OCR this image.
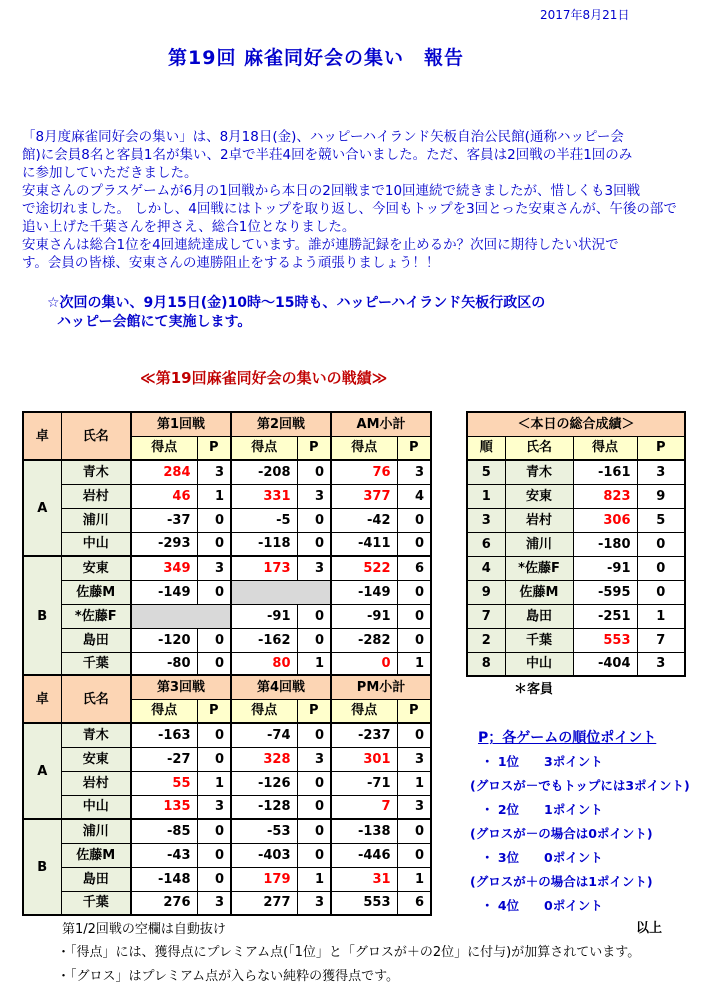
2017年8月21日
第19回 麻雀同好会の集い　報告
「8月度麻雀同好会の集い」は、8月18日(金)、ハッピーハイランド矢板自治公民館(通称ハッピー会
館)に会員8名と客員1名が集い、2卓で半荘4回を競い合いました。ただ、客員は2回戦の半荘1回のみ
に参加していただきました。
安東さんのプラスゲームが6月の1回戦から本日の2回戦まで10回連続で続きましたが、惜しくも3回戦
で途切れました。 しかし、4回戦にはトップを取り返し、今回もトップを3回とった安東さんが、午後の部で
追い上げた千葉さんを押さえ、総合1位となりました。
安東さんは総合1位を4回連続達成しています。誰が連勝記録を止めるか？次回に期待したい状況で
す。会員の皆様、安東さんの連勝阻止をするよう頑張りましょう！！
☆次回の集い、9月15日(金)10時～15時も、ハッピーハイランド矢板行政区の
ハッピー会館にて実施します。
≪第19回麻雀同好会の集いの戦績≫
卓	氏名	第1回戦		第2回戦		AM小計	
		得点	P	得点	P	得点	P
A	青木	284	3	-208	0	76	3
	岩村	46	1	331	3	377	4
	浦川	-37	0	-5	0	-42	0
	中山	-293	0	-118	0	-411	0
B	安東	349	3	173	3	522	6
	佐藤M	-149	0			-149	0
	*佐藤F			-91	0	-91	0
	島田	-120	0	-162	0	-282	0
	千葉	-80	0	80	1	0	1
卓	氏名	第3回戦		第4回戦		PM小計	
		得点	P	得点	P	得点	P
A	青木	-163	0	-74	0	-237	0
	安東	-27	0	328	3	301	3
	岩村	55	1	-126	0	-71	1
	中山	135	3	-128	0	7	3
B	浦川	-85	0	-53	0	-138	0
	佐藤M	-43	0	-403	0	-446	0
	島田	-148	0	179	1	31	1
	千葉	276	3	277	3	553	6
＜本日の総合成績＞			
順	氏名	得点	P
5	青木	-161	3
1	安東	823	9
3	岩村	306	5
6	浦川	-180	0
4	*佐藤F	-91	0
9	佐藤M	-595	0
7	島田	-251	1
2	千葉	553	7
8	中山	-404	3
＊客員
P；各ゲームの順位ポイント
・ 1位　　3ポイント
(グロスが－でもトップには3ポイント)
・ 2位　　1ポイント
(グロスが－の場合は0ポイント)
・ 3位　　0ポイント
(グロスが＋の場合は1ポイント)
・ 4位　　0ポイント
以上
第1/2回戦の空欄は自動抜け
・「得点」には、獲得点にプレミアム点(「1位」と「グロスが＋の2位」に付与)が加算されています。
・「グロス」はプレミアム点が入らない純粋の獲得点です。
